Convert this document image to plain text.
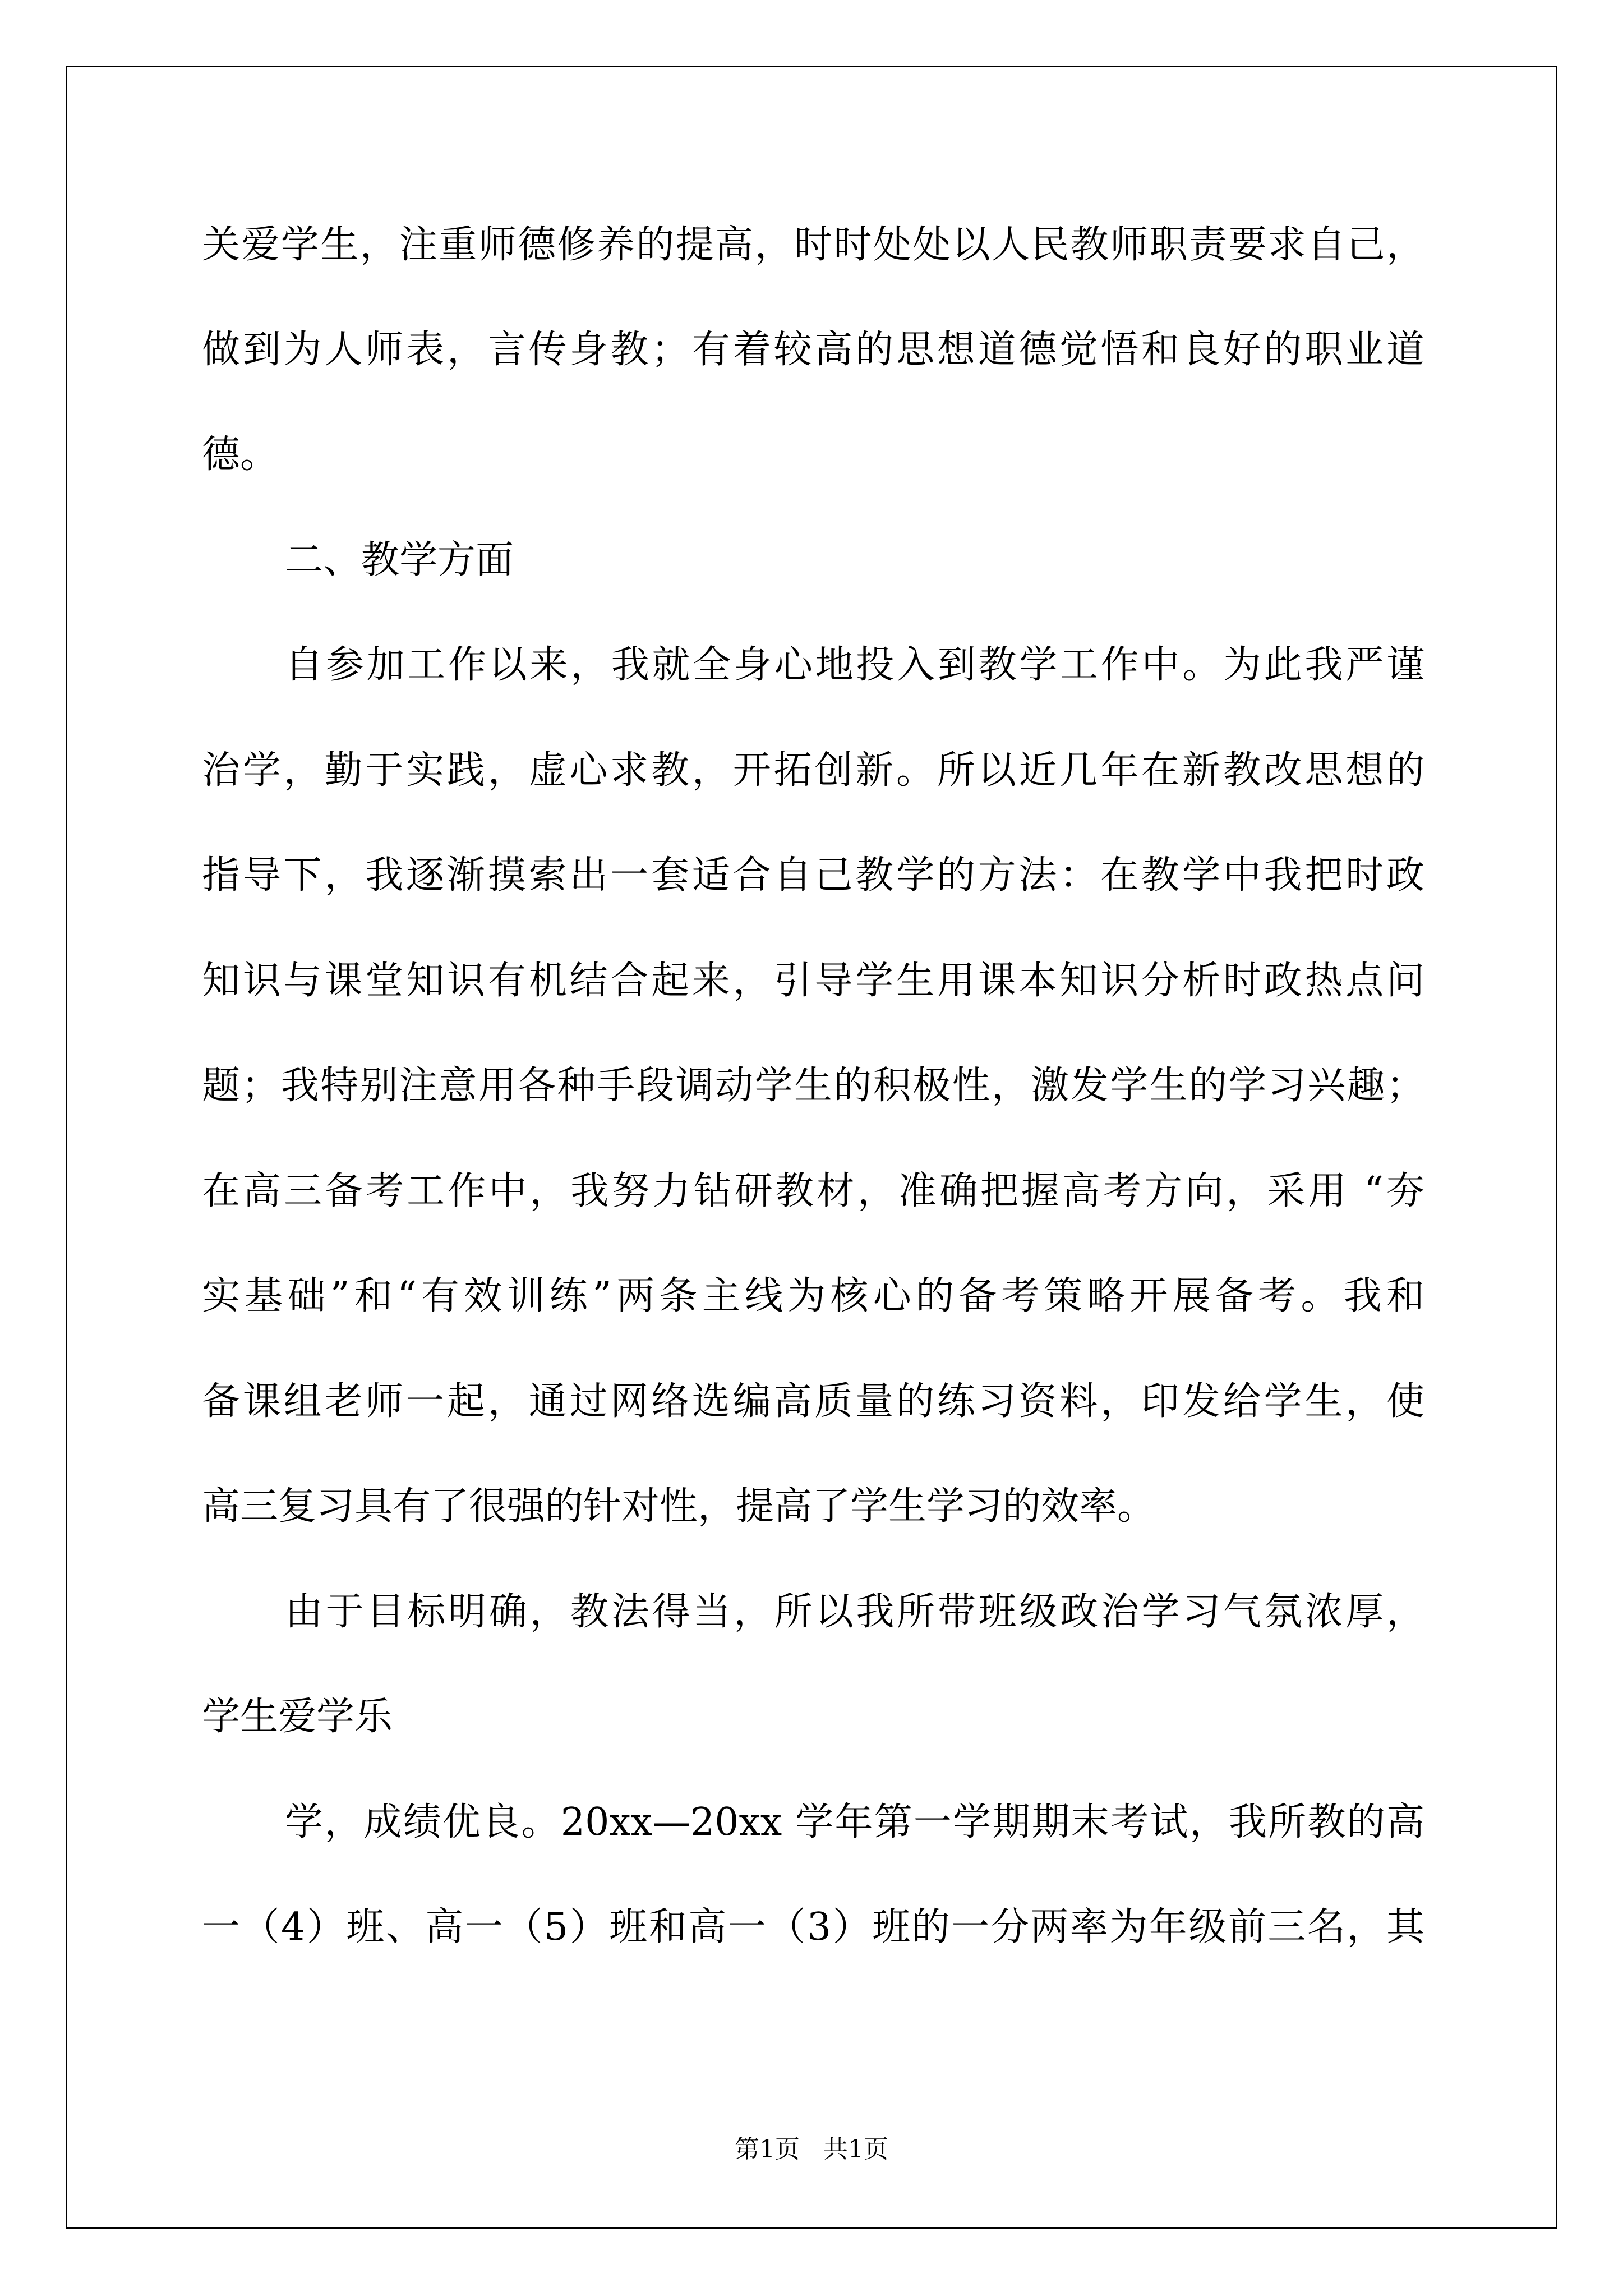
关爱学生，注重师德修养的提高，时时处处以人民教师职责要求自己，
做到为人师表，言传身教；有着较高的思想道德觉悟和良好的职业道
德。
二、教学方面
自参加工作以来，我就全身心地投入到教学工作中。为此我严谨
治学，勤于实践，虚心求教，开拓创新。所以近几年在新教改思想的
指导下，我逐渐摸索出一套适合自己教学的方法：在教学中我把时政
知识与课堂知识有机结合起来，引导学生用课本知识分析时政热点问
题；我特别注意用各种手段调动学生的积极性，激发学生的学习兴趣；
在高三备考工作中，我努力钻研教材，准确把握高考方向，采用 “夯
实基础”和“有效训练”两条主线为核心的备考策略开展备考。我和
备课组老师一起，通过网络选编高质量的练习资料，印发给学生，使
高三复习具有了很强的针对性，提高了学生学习的效率。
由于目标明确，教法得当，所以我所带班级政治学习气氛浓厚，
学生爱学乐
学，成绩优良。20xx—20xx 学年第一学期期末考试，我所教的高
一（4）班、高一（5）班和高一（3）班的一分两率为年级前三名，其
第1页   共1页
